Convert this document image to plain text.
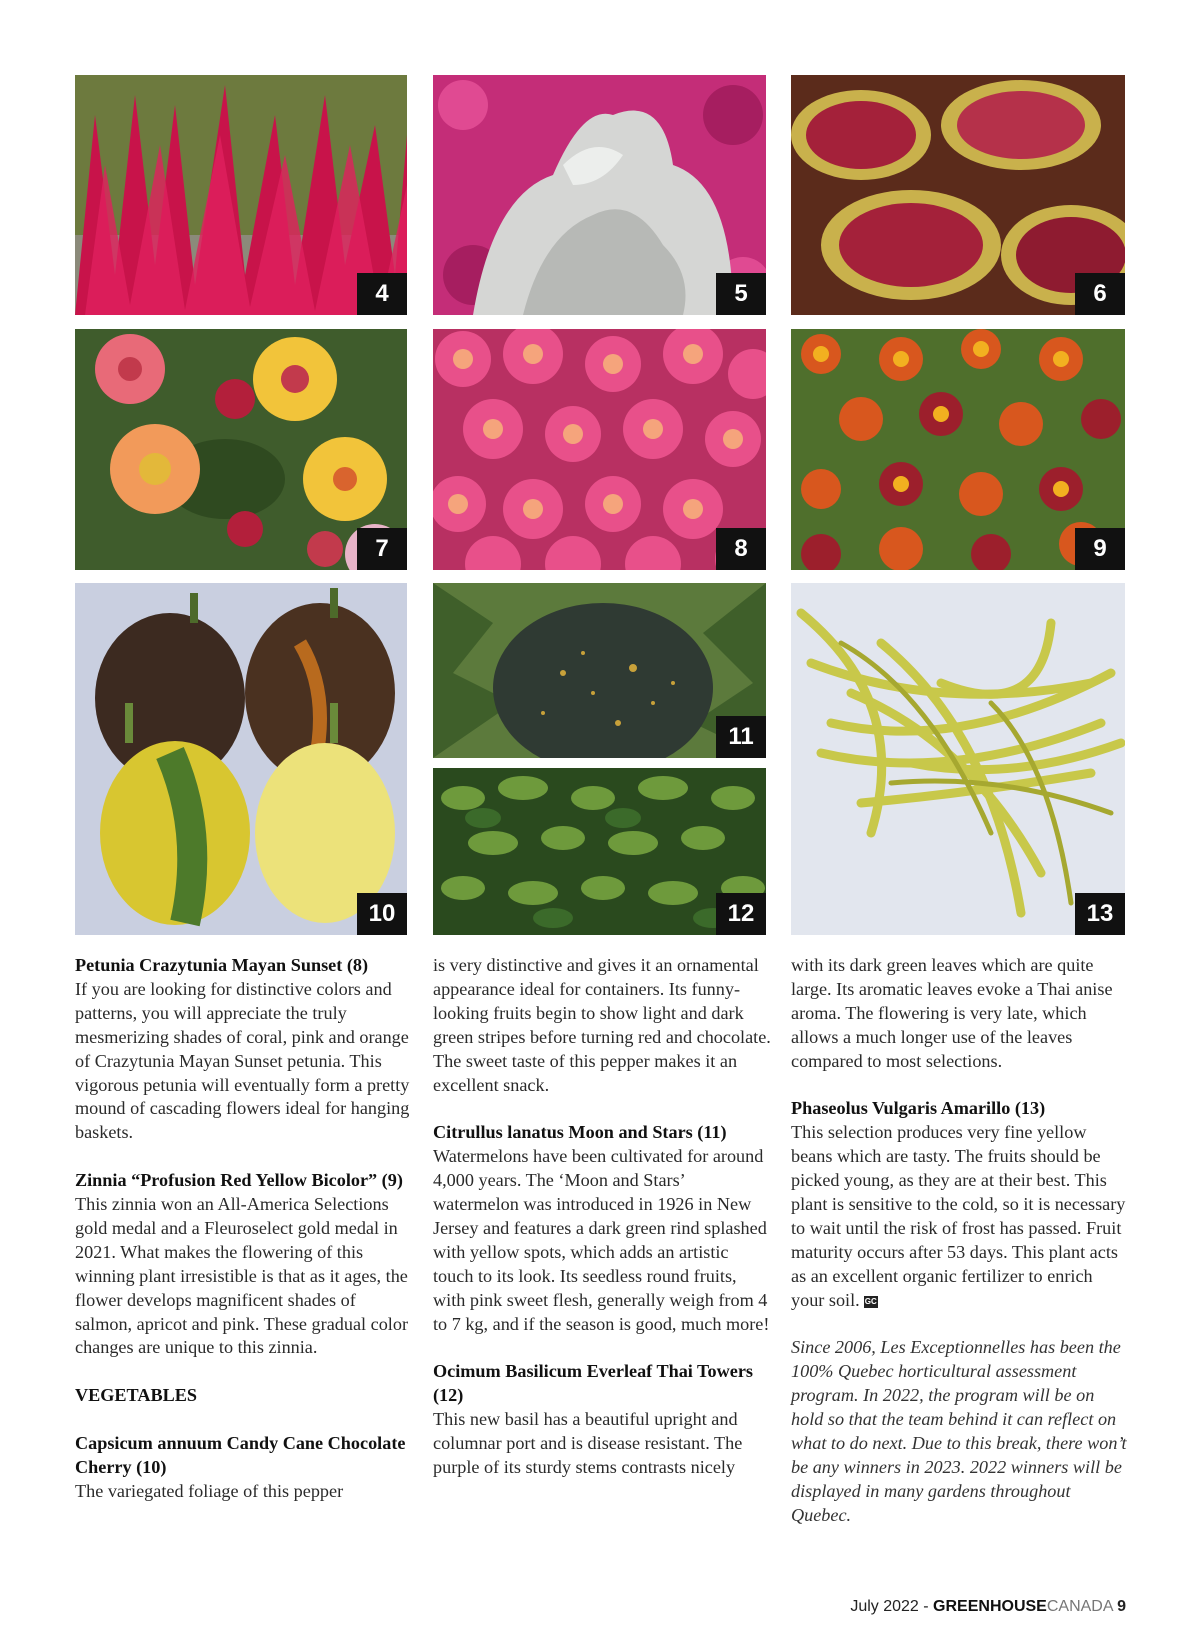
4	5	6
7	8	9
10
11
12	13
Petunia Crazytunia Mayan Sunset (8)

If you are looking for distinctive colors and patterns, you will appreciate the truly mesmerizing shades of coral, pink and orange of Crazytunia Mayan Sunset petunia. This vigorous petunia will eventually form a pretty mound of cascading flowers ideal for hanging baskets.

Zinnia “Profusion Red Yellow Bicolor” (9)

This zinnia won an All-America Selections gold medal and a Fleuroselect gold medal in 2021. What makes the flowering of this winning plant irresistible is that as it ages, the flower develops magnificent shades of salmon, apricot and pink. These gradual color changes are unique to this zinnia.

VEGETABLES
Capsicum annuum Candy Cane Chocolate Cherry (10)

The variegated foliage of this pepper

is very distinctive and gives it an ornamental appearance ideal for containers. Its funny-looking fruits begin to show light and dark green stripes before turning red and chocolate. The sweet taste of this pepper makes it an excellent snack.

Citrullus lanatus Moon and Stars (11)

Watermelons have been cultivated for around 4,000 years. The ‘Moon and Stars’ watermelon was introduced in 1926 in New Jersey and features a dark green rind splashed with yellow spots, which adds an artistic touch to its look. Its seedless round fruits, with pink sweet flesh, generally weigh from 4 to 7 kg, and if the season is good, much more!

Ocimum Basilicum Everleaf Thai Towers (12)

This new basil has a beautiful upright and columnar port and is disease resistant. The purple of its sturdy stems contrasts nicely

with its dark green leaves which are quite large. Its aromatic leaves evoke a Thai anise aroma. The flowering is very late, which allows a much longer use of the leaves compared to most selections.

Phaseolus Vulgaris Amarillo (13)

This selection produces very fine yellow beans which are tasty. The fruits should be picked young, as they are at their best. This plant is sensitive to the cold, so it is necessary to wait until the risk of frost has passed. Fruit maturity occurs after 53 days. This plant acts as an excellent organic fertilizer to enrich your soil. GC

Since 2006, Les Exceptionnelles has been the 100% Quebec horticultural assessment program. In 2022, the program will be on hold so that the team behind it can reflect on what to do next. Due to this break, there won’t be any winners in 2023. 2022 winners will be displayed in many gardens throughout Quebec.

July 2022 - GREENHOUSECANADA 9
